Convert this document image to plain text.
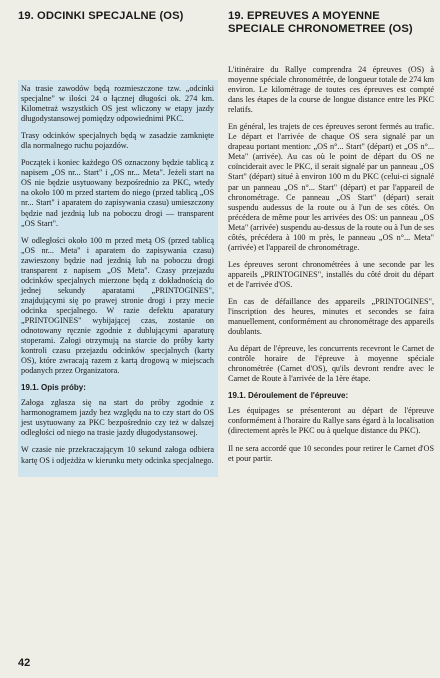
19. ODCINKI SPECJALNE (OS)

Na trasie zawodów będą rozmieszczone tzw. „odcinki specjalne" w ilości 24 o łącznej długości ok. 274 km. Kilometraż wszystkich OS jest wliczony w etapy jazdy długodystansowej pomiędzy odpowiednimi PKC.

Trasy odcinków specjalnych będą w zasadzie zamknięte dla normalnego ruchu pojazdów.

Początek i koniec każdego OS oznaczony będzie tablicą z napisem „OS nr... Start" i „OS nr... Meta". Jeżeli start na OS nie będzie usytuowany bezpośrednio za PKC, wtedy na około 100 m przed startem do niego (przed tablicą „OS nr... Start" i aparatem do zapisywania czasu) umieszczony będzie nad jezdnią lub na poboczu drogi — transparent „OS Start".

W odległości około 100 m przed metą OS (przed tablicą „OS nr... Meta" i aparatem do zapisywania czasu) zawieszony będzie nad jezdnią lub na poboczu drogi transparent z napisem „OS Meta". Czasy przejazdu odcinków specjalnych mierzone będą z dokładnością do jednej sekundy aparatami „PRINTOGINES", znajdującymi się po prawej stronie drogi i przy mecie odcinka specjalnego. W razie defektu aparatury „PRINTOGINES" wybijającej czas, zostanie on odnotowany ręcznie zgodnie z dublującymi aparaturę stoperami. Załogi otrzymują na starcie do próby karty kontroli czasu przejazdu odcinków specjalnych (karty OS), które zwracają razem z kartą drogową w miejscach podanych przez Organizatora.

19.1. Opis próby:

Załoga zgłasza się na start do próby zgodnie z harmonogramem jazdy bez względu na to czy start do OS jest usytuowany za PKC bezpośrednio czy też w dalszej odległości od niego na trasie jazdy długodystansowej.

W czasie nie przekraczającym 10 sekund załoga odbiera kartę OS i odjeżdża w kierunku mety odcinka specjalnego.

19. EPREUVES A MOYENNE
SPECIALE CHRONOMETREE (OS)

L'itinéraire du Rallye comprendra 24 épreuves (OS) à moyenne spéciale chronométrée, de longueur totale de 274 km environ. Le kilométrage de toutes ces épreuves est compté dans les étapes de la course de longue distance entre les PKC relatifs.

En général, les trajets de ces épreuves seront fermés au trafic. Le départ et l'arrivée de chaque OS sera signalé par un drapeau portant mention: „OS n°... Start" (départ) et „OS n°... Meta" (arrivée). Au cas où le point de départ du OS ne coïnciderait avec le PKC, il serait signalé par un panneau „OS Start" (départ) situé à environ 100 m du PKC (celui-ci signalé par un panneau „OS n°... Start" (départ) et par l'appareil de chronométrage. Ce panneau „OS Start" (départ) serait suspendu audessus de la route ou à l'un de ses côtés. On précédera de même pour les arrivées des OS: un panneau „OS Meta" (arrivée) suspendu au-dessus de la route ou à l'un de ses côtés, précédera à 100 m près, le panneau „OS n°... Meta" (arrivée) et l'appareil de chronométrage.

Les épreuves seront chronométrées à une seconde par les appareils „PRINTOGINES", installés du côté droit du départ et de l'arrivée d'OS.

En cas de défaillance des appareils „PRINTOGINES", l'inscription des heures, minutes et secondes se faira manuellement, conformément au chronométrage des appareils doublants.

Au départ de l'épreuve, les concurrents recevront le Carnet de contrôle horaire de l'épreuve à moyenne spéciale chronométrée (Carnet d'OS), qu'ils devront rendre avec le Carnet de Route à l'arrivée de la 1ère étape.

19.1. Déroulement de l'épreuve:

Les équipages se présenteront au départ de l'épreuve conformément à l'horaire du Rallye sans égard à la localisation (directement après le PKC ou à quelque distance du PKC).

Il ne sera accordé que 10 secondes pour retirer le Carnet d'OS et pour partir.

42
